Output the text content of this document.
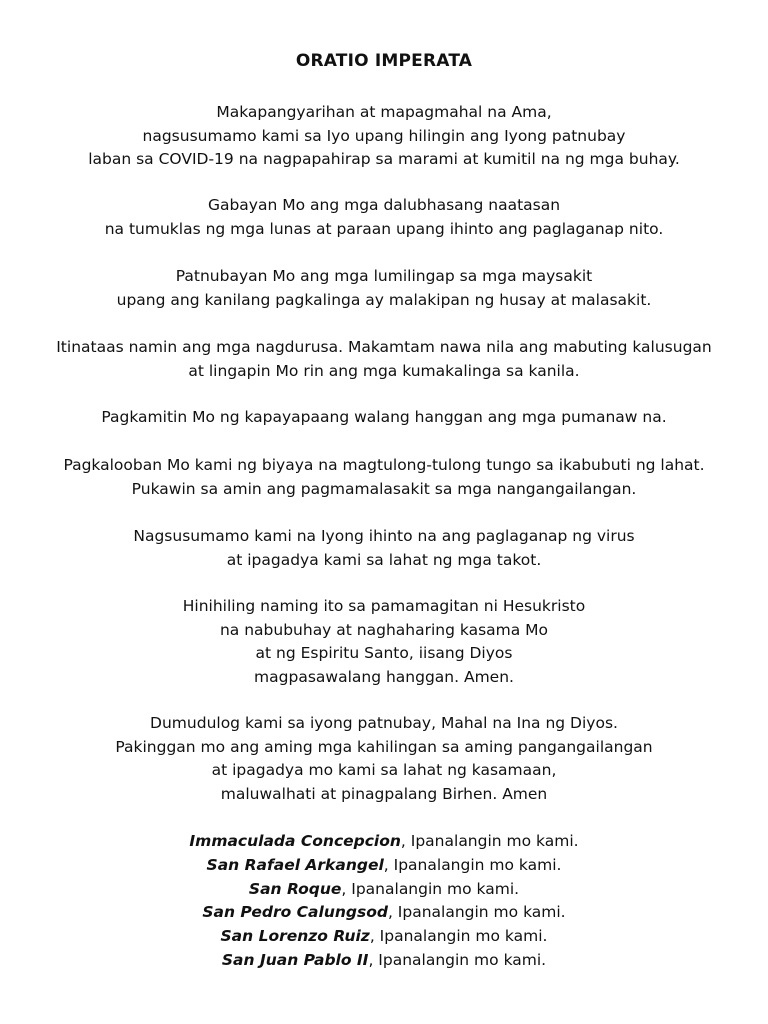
ORATIO IMPERATA
Makapangyarihan at mapagmahal na Ama,
nagsusumamo kami sa Iyo upang hilingin ang Iyong patnubay
laban sa COVID-19 na nagpapahirap sa marami at kumitil na ng mga buhay.
Gabayan Mo ang mga dalubhasang naatasan
na tumuklas ng mga lunas at paraan upang ihinto ang paglaganap nito.
Patnubayan Mo ang mga lumilingap sa mga maysakit
upang ang kanilang pagkalinga ay malakipan ng husay at malasakit.
Itinataas namin ang mga nagdurusa. Makamtam nawa nila ang mabuting kalusugan
at lingapin Mo rin ang mga kumakalinga sa kanila.
Pagkamitin Mo ng kapayapaang walang hanggan ang mga pumanaw na.
Pagkalooban Mo kami ng biyaya na magtulong-tulong tungo sa ikabubuti ng lahat.
Pukawin sa amin ang pagmamalasakit sa mga nangangailangan.
Nagsusumamo kami na Iyong ihinto na ang paglaganap ng virus
at ipagadya kami sa lahat ng mga takot.
Hinihiling naming ito sa pamamagitan ni Hesukristo
na nabubuhay at naghaharing kasama Mo
at ng Espiritu Santo, iisang Diyos
magpasawalang hanggan. Amen.
Dumudulog kami sa iyong patnubay, Mahal na Ina ng Diyos.
Pakinggan mo ang aming mga kahilingan sa aming pangangailangan
at ipagadya mo kami sa lahat ng kasamaan,
maluwalhati at pinagpalang Birhen. Amen
Immaculada Concepcion, Ipanalangin mo kami.
San Rafael Arkangel, Ipanalangin mo kami.
San Roque, Ipanalangin mo kami.
San Pedro Calungsod, Ipanalangin mo kami.
San Lorenzo Ruiz, Ipanalangin mo kami.
San Juan Pablo II, Ipanalangin mo kami.
